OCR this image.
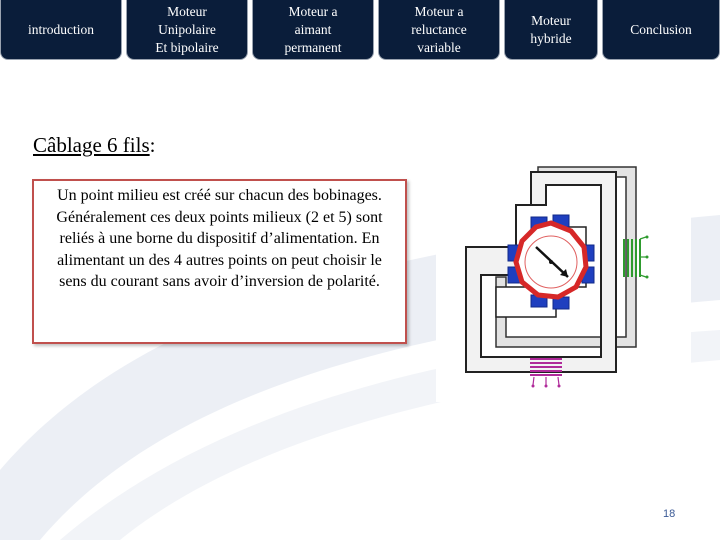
introduction
Moteur
Unipolaire
Et bipolaire
Moteur a
aimant
permanent
Moteur a
reluctance
variable
Moteur
hybride
Conclusion
Câblage 6 fils:
Un point milieu est créé sur chacun des bobinages. Généralement ces deux points milieux (2 et 5) sont reliés à une borne du dispositif d’alimentation. En alimentant un des 4 autres points on peut choisir le sens du courant sans avoir d’inversion de polarité.
18
